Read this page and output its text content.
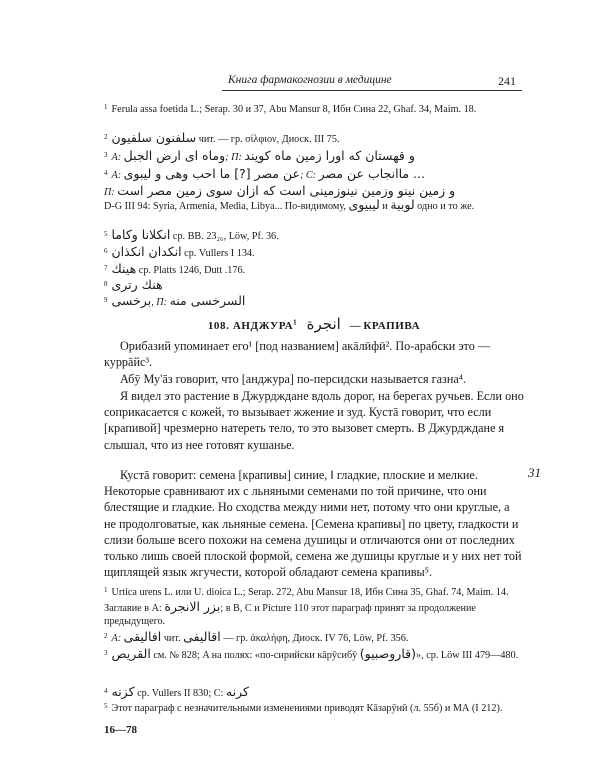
Книга фармакогнозии в медицине	241
$^1$ Ferula assa foetida L.; Serap. 30 и 37, Abu Mansur 8, Ибн Сина 22, Ghaf. 34, Maim. 18.
$^2$ سلفنون سلفيون чит. — гр. σίλφιον, Диоск. III 75.
$^3$ A: وماه ای ارض الجبل; П: و قهستان که اورا زمین ماه کویند
$^4$ A: عن مصر [?] ما احب وهی و لیبوی; C: ... ماانجاب عن مصر
П: و زمین نینو وزمین نینوزمینی است که ازان سوی زمین مصر است
D-G III 94: Syria, Armenia, Media, Libya... По-видимому, لیبیوی и لوبیة одно и то же.
$^5$ انکلانا وکاما ср. BB. 23₂₆, Löw, Pf. 36.
$^6$ انکدان انکذان ср. Vullers I 134.
$^7$ هینك ср. Platts 1246, Dutt .176.
$^8$ هنك رتری
$^9$ برخسی, П: السرخسی منه
108. АНДЖУРА$^1$ انجرة — КРАПИВА
Орибазий упоминает его¹ [под названием] акāлӣфӣ². По-арабски это — куррāйс³.
Абӯ Му'āз говорит, что [анджура] по-персидски называется газна⁴.
Я видел это растение в Джурдждане вдоль дорог, на берегах ручьев. Если оно соприкасается с кожей, то вызывает жжение и зуд. Кустā говорит, что если [крапивой] чрезмерно натереть тело, то это вызовет смерть. В Джурдждане я слышал, что из нее готовят кушанье.
Кустā говорит: семена [крапивы] синие, ‖ гладкие, плоские и мелкие. Некоторые сравнивают их с льняными семенами по той причине, что они блестящие и гладкие. Но сходства между ними нет, потому что они круглые, а не продолговатые, как льняные семена. [Семена крапивы] по цвету, гладкости и слизи больше всего похожи на семена душицы и отличаются они от последних только лишь своей плоской формой, семена же душицы круглые и у них нет той щиплящей язык жгучести, которой обладают семена крапивы⁵.
31
$^1$ Urtica urens L. или U. dioica L.; Serap. 272, Abu Mansur 18, Ибн Сина 35, Ghaf. 74, Maim. 14. Заглавие в A: بزر الانجرة; в B, C и Picture 110 этот параграф принят за продолжение предыдущего.
$^2$ A: افالیقی чит. اقالیفی — гр. ἀκαλήφη, Диоск. IV 76, Löw, Pf. 356.
$^3$ القریص см. № 828; A на полях: «по-сирийски кāрӯсибӯ (قاروصبیو)», ср. Löw III 479—480.
$^4$ کزنه ср. Vullers II 830; C: کرنه
$^5$ Этот параграф с незначительными изменениями приводят Кāзарӯнӣ (л. 55б) и МА (I 212).
16—78
